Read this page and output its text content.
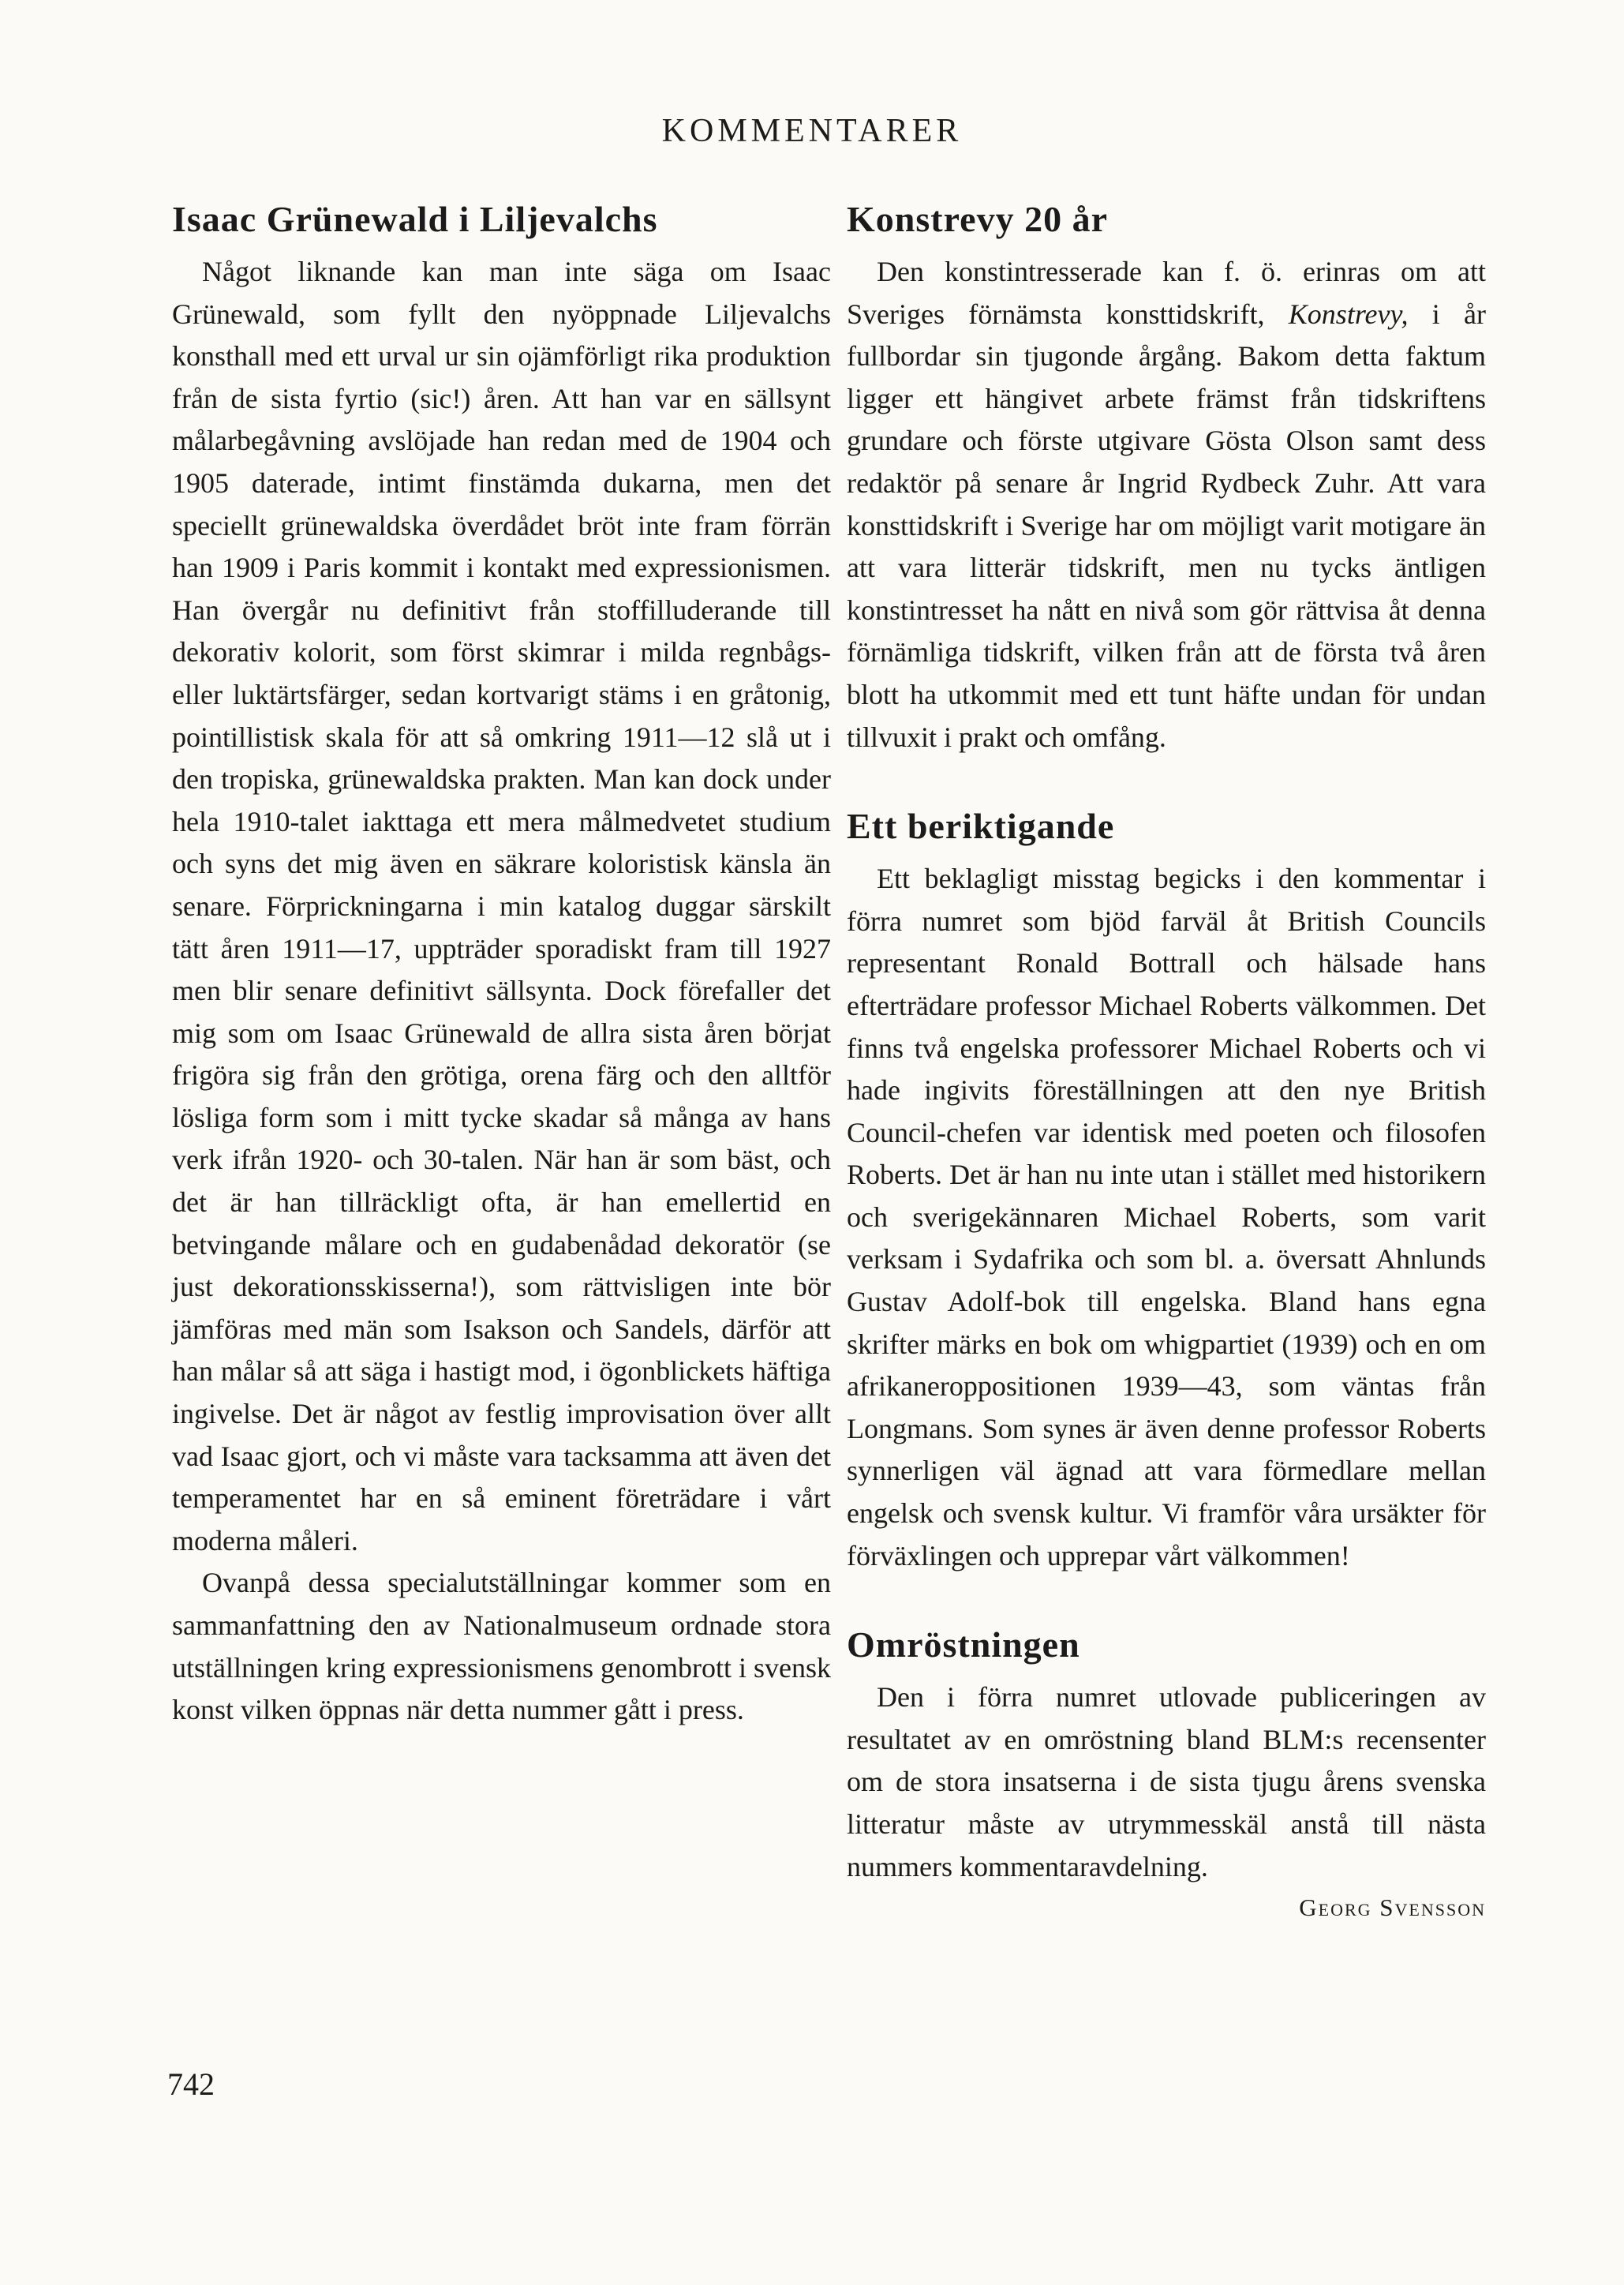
KOMMENTARER
Isaac Grünewald i Liljevalchs

Något liknande kan man inte säga om Isaac Grünewald, som fyllt den nyöppnade Liljevalchs konsthall med ett urval ur sin ojämförligt rika produktion från de sista fyrtio (sic!) åren. Att han var en sällsynt målarbegåvning avslöjade han redan med de 1904 och 1905 daterade, intimt finstämda dukarna, men det speciellt grünewaldska överdådet bröt inte fram förrän han 1909 i Paris kommit i kontakt med expressionismen. Han övergår nu definitivt från stoffilluderande till dekorativ kolorit, som först skimrar i milda regnbågs- eller luktärtsfärger, sedan kortvarigt stäms i en gråtonig, pointillistisk skala för att så omkring 1911—12 slå ut i den tropiska, grünewaldska prakten. Man kan dock under hela 1910-talet iakttaga ett mera målmedvetet studium och syns det mig även en säkrare koloristisk känsla än senare. Förprickningarna i min katalog duggar särskilt tätt åren 1911—17, uppträder sporadiskt fram till 1927 men blir senare definitivt sällsynta. Dock förefaller det mig som om Isaac Grünewald de allra sista åren börjat frigöra sig från den grötiga, orena färg och den alltför lösliga form som i mitt tycke skadar så många av hans verk ifrån 1920- och 30-talen. När han är som bäst, och det är han tillräckligt ofta, är han emellertid en betvingande målare och en gudabenådad dekoratör (se just dekorationsskisserna!), som rättvisligen inte bör jämföras med män som Isakson och Sandels, därför att han målar så att säga i hastigt mod, i ögonblickets häftiga ingivelse. Det är något av festlig improvisation över allt vad Isaac gjort, och vi måste vara tacksamma att även det temperamentet har en så eminent företrädare i vårt moderna måleri.

Ovanpå dessa specialutställningar kommer som en sammanfattning den av Nationalmuseum ordnade stora utställningen kring expressionismens genombrott i svensk konst vilken öppnas när detta nummer gått i press.

Konstrevy 20 år

Den konstintresserade kan f. ö. erinras om att Sveriges förnämsta konsttidskrift, Konstrevy, i år fullbordar sin tjugonde årgång. Bakom detta faktum ligger ett hängivet arbete främst från tidskriftens grundare och förste utgivare Gösta Olson samt dess redaktör på senare år Ingrid Rydbeck Zuhr. Att vara konsttidskrift i Sverige har om möjligt varit motigare än att vara litterär tidskrift, men nu tycks äntligen konstintresset ha nått en nivå som gör rättvisa åt denna förnämliga tidskrift, vilken från att de första två åren blott ha utkommit med ett tunt häfte undan för undan tillvuxit i prakt och omfång.

Ett beriktigande

Ett beklagligt misstag begicks i den kommentar i förra numret som bjöd farväl åt British Councils representant Ronald Bottrall och hälsade hans efterträdare professor Michael Roberts välkommen. Det finns två engelska professorer Michael Roberts och vi hade ingivits föreställningen att den nye British Council-chefen var identisk med poeten och filosofen Roberts. Det är han nu inte utan i stället med historikern och sverigekännaren Michael Roberts, som varit verksam i Sydafrika och som bl. a. översatt Ahnlunds Gustav Adolf-bok till engelska. Bland hans egna skrifter märks en bok om whigpartiet (1939) och en om afrikaneroppositionen 1939—43, som väntas från Longmans. Som synes är även denne professor Roberts synnerligen väl ägnad att vara förmedlare mellan engelsk och svensk kultur. Vi framför våra ursäkter för förväxlingen och upprepar vårt välkommen!

Omröstningen

Den i förra numret utlovade publiceringen av resultatet av en omröstning bland BLM:s recensenter om de stora insatserna i de sista tjugu årens svenska litteratur måste av utrymmesskäl anstå till nästa nummers kommentaravdelning.

Georg Svensson
742
